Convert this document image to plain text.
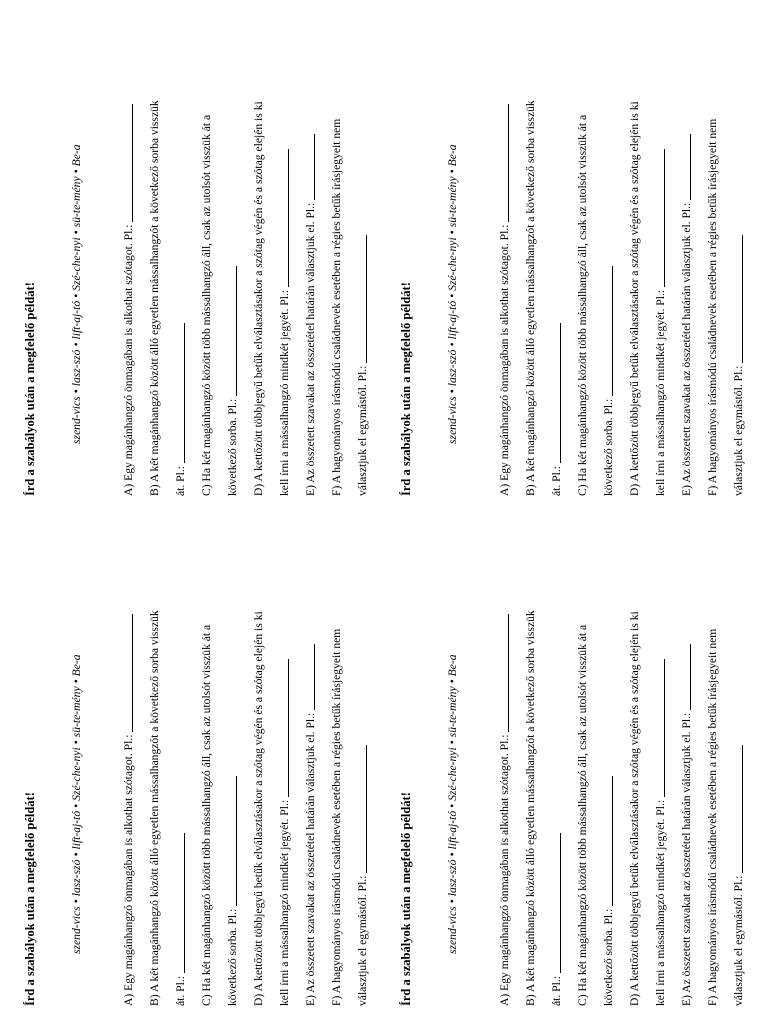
Írd a szabályok után a megfelelő példát!	szend-vics•lasz-szó•lift-aj-tó•Szé-che-nyi•sü-te-mény•Be-a
A) Egy magánhangzó önmagában is alkothat szótagot. Pl.:	B) A két magánhangzó között álló egyetlen mássalhangzót a következő sorba visszük át. Pl.:	C) Ha két magánhangzó között több mássalhangzó áll, csak az utolsót visszük át a következő sorba. Pl.:	D) A kettőzött többjegyű betűk elválasztásakor a szótag végén és a szótag elején is ki kell írni a mássalhangzó mindkét jegyét. Pl.:	E) Az összetett szavakat az összetétel határán választjuk el. Pl.:	F) A hagyományos írásmódú családnevek esetében a régies betűk írásjegyeit nem választjuk el egymástól. Pl.:	Írd a szabályok után a megfelelő példát!	szend-vics•lasz-szó•lift-aj-tó•Szé-che-nyi•sü-te-mény•Be-a
A) Egy magánhangzó önmagában is alkothat szótagot. Pl.:	B) A két magánhangzó között álló egyetlen mássalhangzót a következő sorba visszük át. Pl.:	C) Ha két magánhangzó között több mássalhangzó áll, csak az utolsót visszük át a következő sorba. Pl.:	D) A kettőzött többjegyű betűk elválasztásakor a szótag végén és a szótag elején is ki kell írni a mássalhangzó mindkét jegyét. Pl.:	E) Az összetett szavakat az összetétel határán választjuk el. Pl.:	F) A hagyományos írásmódú családnevek esetében a régies betűk írásjegyeit nem választjuk el egymástól. Pl.:
Írd a szabályok után a megfelelő példát!	szend-vics•lasz-szó•lift-aj-tó•Szé-che-nyi•sü-te-mény•Be-a
A) Egy magánhangzó önmagában is alkothat szótagot. Pl.:	B) A két magánhangzó között álló egyetlen mássalhangzót a következő sorba visszük át. Pl.:	C) Ha két magánhangzó között több mássalhangzó áll, csak az utolsót visszük át a következő sorba. Pl.:	D) A kettőzött többjegyű betűk elválasztásakor a szótag végén és a szótag elején is ki kell írni a mássalhangzó mindkét jegyét. Pl.:	E) Az összetett szavakat az összetétel határán választjuk el. Pl.:	F) A hagyományos írásmódú családnevek esetében a régies betűk írásjegyeit nem választjuk el egymástól. Pl.:	Írd a szabályok után a megfelelő példát!	szend-vics•lasz-szó•lift-aj-tó•Szé-che-nyi•sü-te-mény•Be-a
A) Egy magánhangzó önmagában is alkothat szótagot. Pl.:	B) A két magánhangzó között álló egyetlen mássalhangzót a következő sorba visszük át. Pl.:	C) Ha két magánhangzó között több mássalhangzó áll, csak az utolsót visszük át a következő sorba. Pl.:	D) A kettőzött többjegyű betűk elválasztásakor a szótag végén és a szótag elején is ki kell írni a mássalhangzó mindkét jegyét. Pl.:	E) Az összetett szavakat az összetétel határán választjuk el. Pl.:	F) A hagyományos írásmódú családnevek esetében a régies betűk írásjegyeit nem választjuk el egymástól. Pl.:
